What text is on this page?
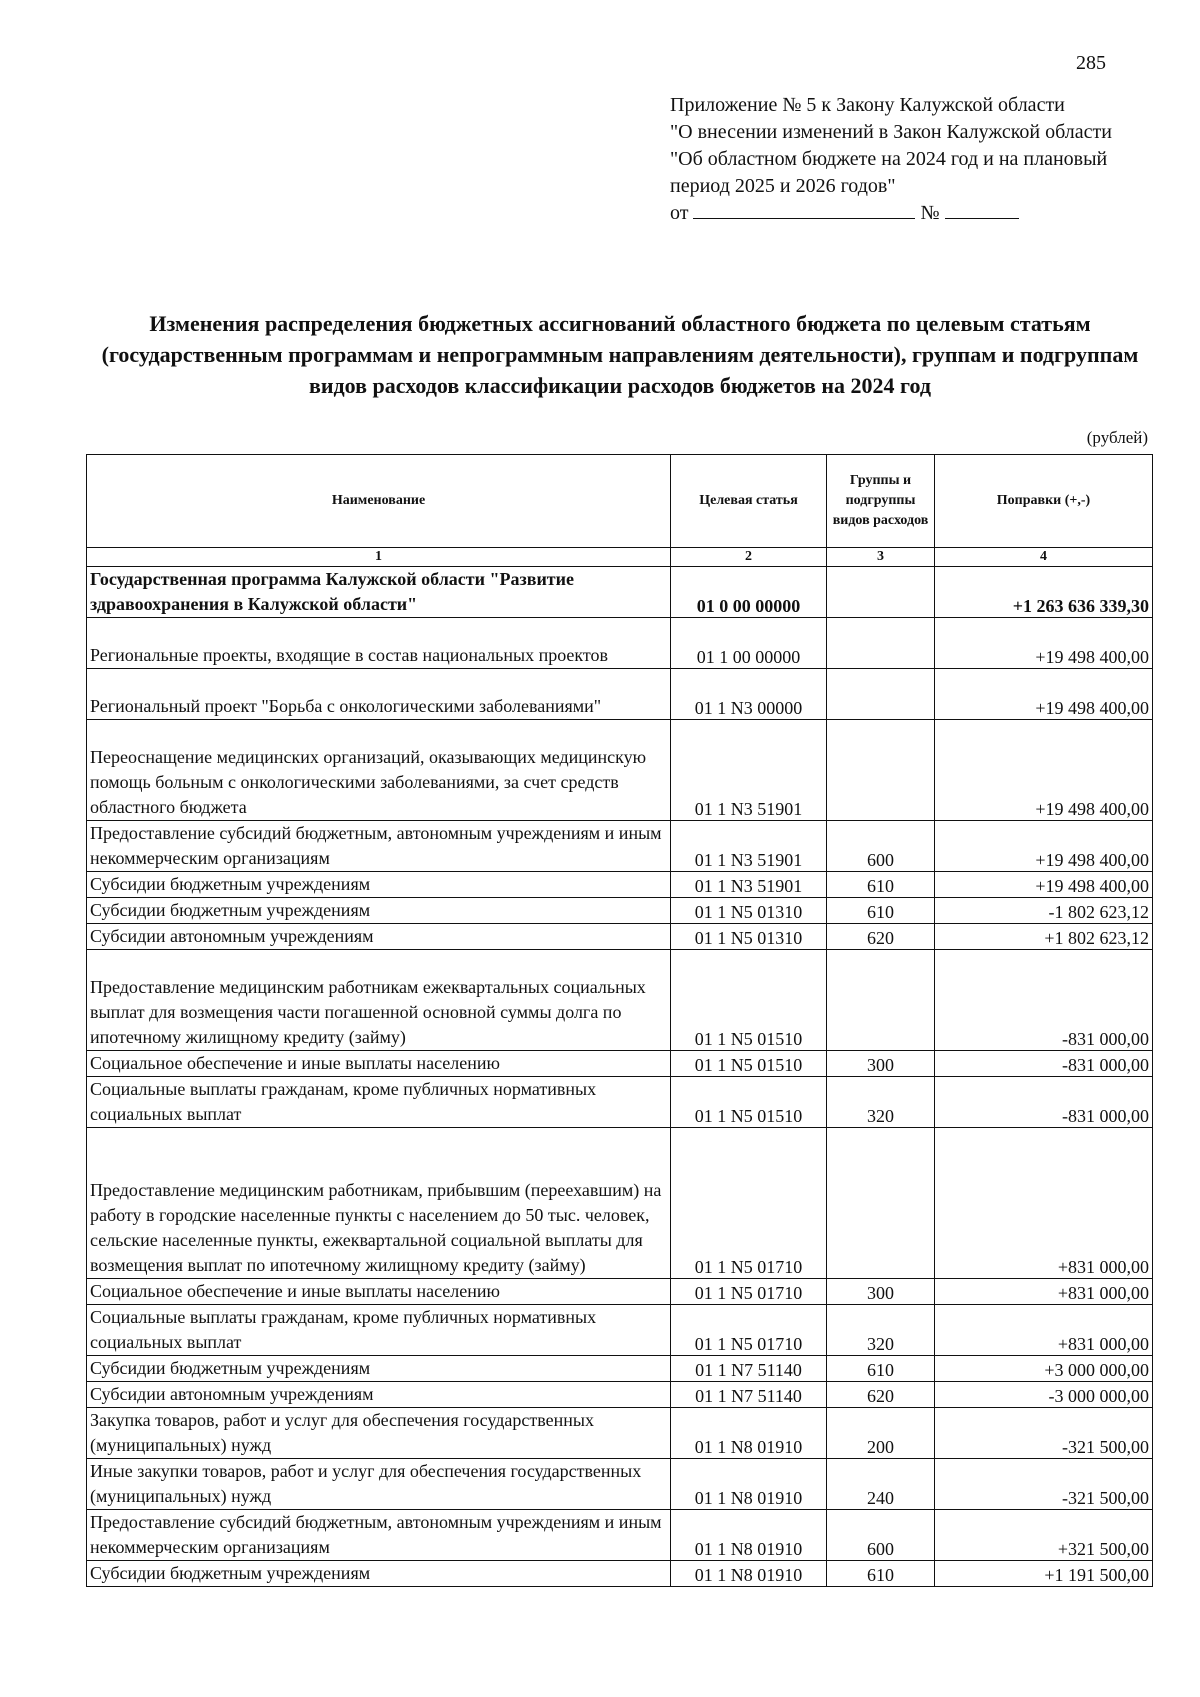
285
Приложение № 5 к Закону Калужской области
"О внесении изменений в Закон Калужской области
"Об областном бюджете на 2024 год и на плановый
период 2025 и 2026 годов"
от	№
Изменения распределения бюджетных ассигнований областного бюджета по целевым статьям (государственным программам и непрограммным направлениям деятельности), группам и подгруппам видов расходов классификации расходов бюджетов на 2024 год
(рублей)
Наименование	Целевая статья	Группы и подгруппы видов расходов	Поправки (+,-)
1	2	3	4
Государственная программа Калужской области "Развитие здравоохранения в Калужской области"	01 0 00 00000		+1 263 636 339,30
Региональные проекты, входящие в состав национальных проектов	01 1 00 00000		+19 498 400,00
Региональный проект "Борьба с онкологическими заболеваниями"	01 1 N3 00000		+19 498 400,00
Переоснащение медицинских организаций, оказывающих медицинскую помощь больным с онкологическими заболеваниями, за счет средств областного бюджета	01 1 N3 51901		+19 498 400,00
Предоставление субсидий бюджетным, автономным учреждениям и иным некоммерческим организациям	01 1 N3 51901	600	+19 498 400,00
Субсидии бюджетным учреждениям	01 1 N3 51901	610	+19 498 400,00
Субсидии бюджетным учреждениям	01 1 N5 01310	610	-1 802 623,12
Субсидии автономным учреждениям	01 1 N5 01310	620	+1 802 623,12
Предоставление медицинским работникам ежеквартальных социальных выплат для возмещения части погашенной основной суммы долга по ипотечному жилищному кредиту (займу)	01 1 N5 01510		-831 000,00
Социальное обеспечение и иные выплаты населению	01 1 N5 01510	300	-831 000,00
Социальные выплаты гражданам, кроме публичных нормативных социальных выплат	01 1 N5 01510	320	-831 000,00
Предоставление медицинским работникам, прибывшим (переехавшим) на работу в городские населенные пункты с населением до 50 тыс. человек, сельские населенные пункты, ежеквартальной социальной выплаты для возмещения выплат по ипотечному жилищному кредиту (займу)	01 1 N5 01710		+831 000,00
Социальное обеспечение и иные выплаты населению	01 1 N5 01710	300	+831 000,00
Социальные выплаты гражданам, кроме публичных нормативных социальных выплат	01 1 N5 01710	320	+831 000,00
Субсидии бюджетным учреждениям	01 1 N7 51140	610	+3 000 000,00
Субсидии автономным учреждениям	01 1 N7 51140	620	-3 000 000,00
Закупка товаров, работ и услуг для обеспечения государственных (муниципальных) нужд	01 1 N8 01910	200	-321 500,00
Иные закупки товаров, работ и услуг для обеспечения государственных (муниципальных) нужд	01 1 N8 01910	240	-321 500,00
Предоставление субсидий бюджетным, автономным учреждениям и иным некоммерческим организациям	01 1 N8 01910	600	+321 500,00
Субсидии бюджетным учреждениям	01 1 N8 01910	610	+1 191 500,00
